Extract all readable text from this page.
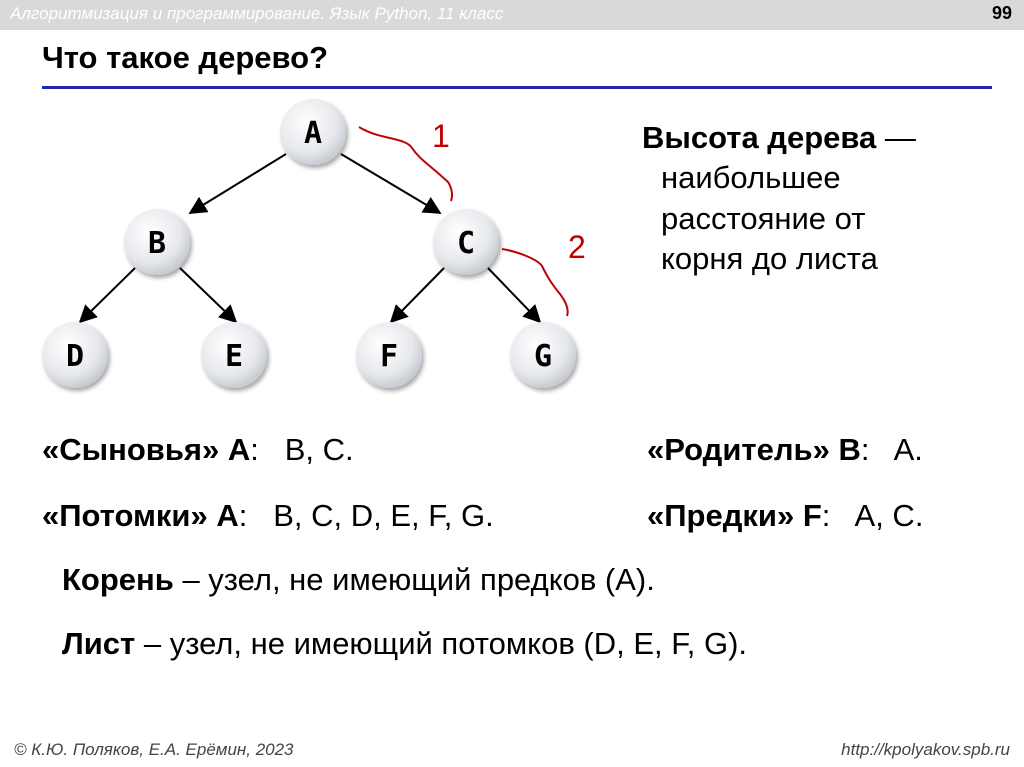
Алгоритмизация и программирование. Язык Python, 11 класс	99
Что такое дерево?
1
2
A
B	C
D	E	F	G
Высота дерева —
наибольшее
расстояние от
корня до листа
«Сыновья» A: B, C.	«Родитель» B: A.
«Потомки» A: B, C, D, E, F, G.	«Предки» F: A, C.
Корень – узел, не имеющий предков (A).
Лист – узел, не имеющий потомков (D, E, F, G).
© К.Ю. Поляков, Е.А. Ерёмин, 2023	http://kpolyakov.spb.ru
